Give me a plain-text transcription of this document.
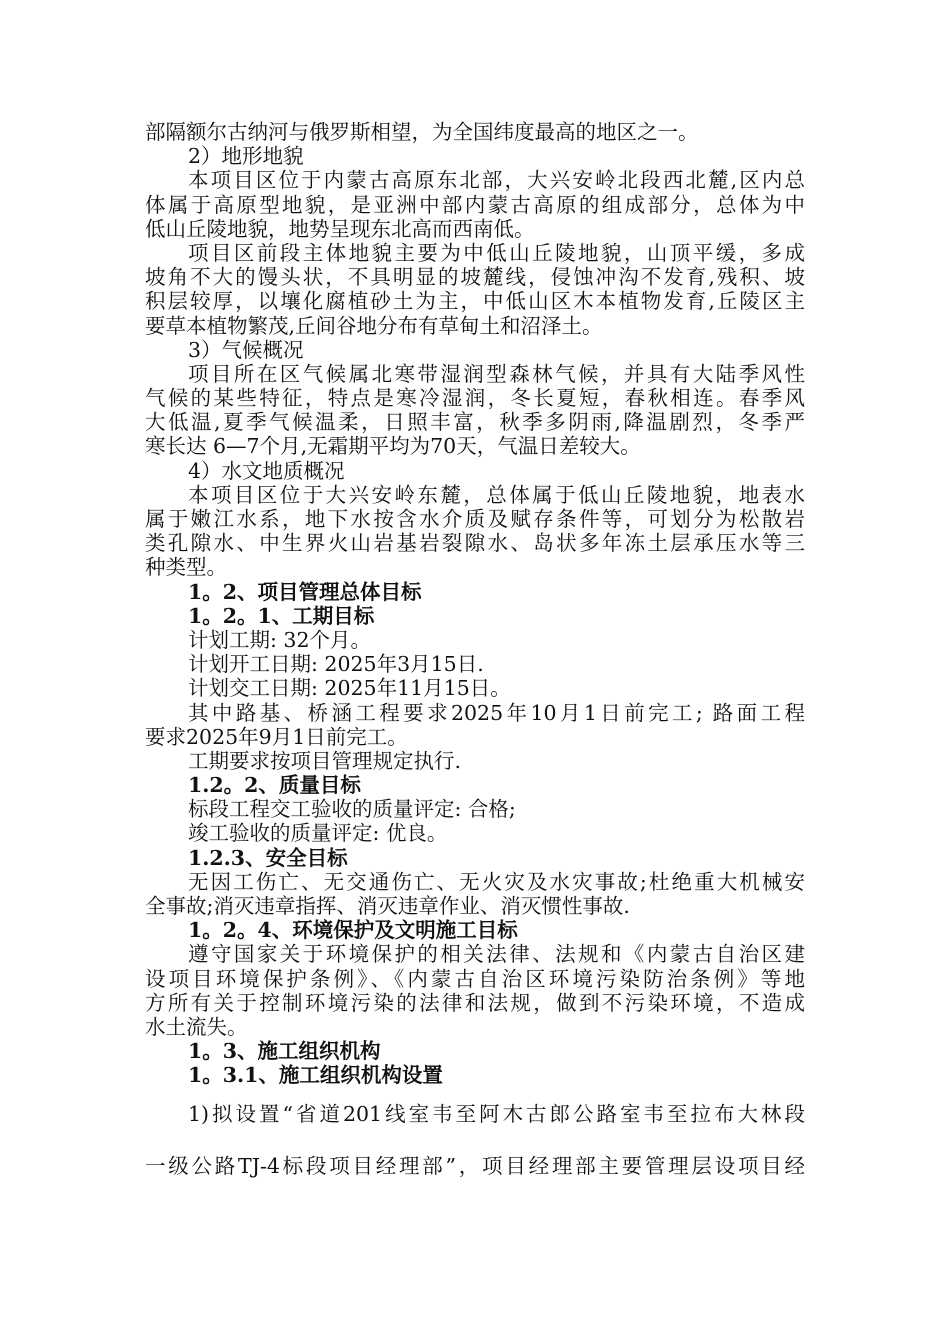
部隔额尔古纳河与俄罗斯相望，为全国纬度最高的地区之一。
2）地形地貌
本项目区位于内蒙古高原东北部，大兴安岭北段西北麓,区内总
体属于高原型地貌，是亚洲中部内蒙古高原的组成部分，总体为中
低山丘陵地貌，地势呈现东北高而西南低。
项目区前段主体地貌主要为中低山丘陵地貌，山顶平缓，多成
坡角不大的馒头状，不具明显的坡麓线，侵蚀冲沟不发育,残积、坡
积层较厚，以壤化腐植砂土为主，中低山区木本植物发育,丘陵区主
要草本植物繁茂,丘间谷地分布有草甸土和沼泽土。
3）气候概况
项目所在区气候属北寒带湿润型森林气候，并具有大陆季风性
气候的某些特征，特点是寒冷湿润，冬长夏短，春秋相连。春季风
大低温,夏季气候温柔，日照丰富，秋季多阴雨,降温剧烈，冬季严
寒长达 6—7个月,无霜期平均为70天，气温日差较大。
4）水文地质概况
本项目区位于大兴安岭东麓，总体属于低山丘陵地貌，地表水
属于嫩江水系，地下水按含水介质及赋存条件等，可划分为松散岩
类孔隙水、中生界火山岩基岩裂隙水、岛状多年冻土层承压水等三
种类型。
1。2、项目管理总体目标
1。2。1、工期目标
计划工期: 32个月。
计划开工日期: 2025年3月15日.
计划交工日期: 2025年11月15日。
其中路基、桥涵工程要求2025年10月1日前完工; 路面工程
要求2025年9月1日前完工。
工期要求按项目管理规定执行.
1.2。2、质量目标
标段工程交工验收的质量评定: 合格;
竣工验收的质量评定: 优良。
1.2.3、安全目标
无因工伤亡、无交通伤亡、无火灾及水灾事故;杜绝重大机械安
全事故;消灭违章指挥、消灭违章作业、消灭惯性事故.
1。2。4、环境保护及文明施工目标
遵守国家关于环境保护的相关法律、法规和《内蒙古自治区建
设项目环境保护条例》、《内蒙古自治区环境污染防治条例》等地
方所有关于控制环境污染的法律和法规，做到不污染环境，不造成
水土流失。
1。3、施工组织机构
1。3.1、施工组织机构设置
1)拟设置“省道201线室韦至阿木古郎公路室韦至拉布大林段
一级公路TJ-4标段项目经理部”，项目经理部主要管理层设项目经
